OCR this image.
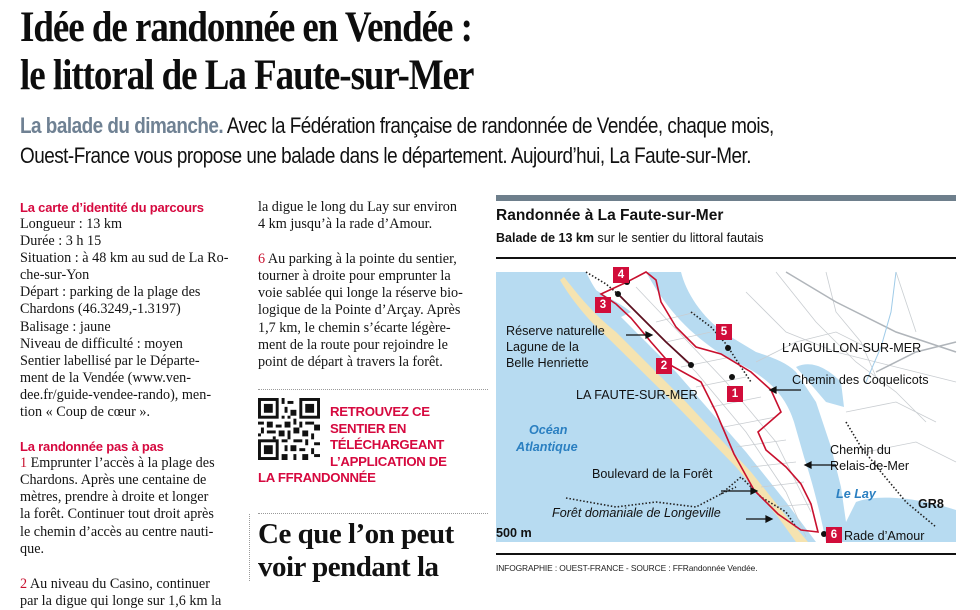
Idée de randonnée en Vendée :
le littoral de La Faute-sur-Mer
La balade du dimanche. Avec la Fédération française de randonnée de Vendée, chaque mois,
Ouest-France vous propose une balade dans le département. Aujourd’hui, La Faute-sur-Mer.
La carte d’identité du parcours

Longueur : 13 km
Durée : 3 h 15
Situation : à 48 km au sud de La Ro-
che-sur-Yon
Départ : parking de la plage des
Chardons (46.3249,-1.3197)
Balisage : jaune
Niveau de difficulté : moyen
Sentier labellisé par le Départe-
ment de la Vendée (www.ven-
dee.fr/guide-vendee-rando), men-
tion « Coup de cœur ».

La randonnée pas à pas

1 Emprunter l’accès à la plage des
Chardons. Après une centaine de
mètres, prendre à droite et longer
la forêt. Continuer tout droit après
le chemin d’accès au centre nauti-
que.

2 Au niveau du Casino, continuer
par la digue qui longe sur 1,6 km la

la digue le long du Lay sur environ
4 km jusqu’à la rade d’Amour.

6 Au parking à la pointe du sentier,
tourner à droite pour emprunter la
voie sablée qui longe la réserve bio-
logique de la Pointe d’Arçay. Après
1,7 km, le chemin s’écarte légère-
ment de la route pour rejoindre le
point de départ à travers la forêt.

RETROUVEZ CE
SENTIER EN
TÉLÉCHARGEANT
L’APPLICATION DE
LA FFRANDONNÉE
Ce que l’on peut
voir pendant la
Randonnée à La Faute-sur-Mer
Balade de 13 km sur le sentier du littoral fautais
Réserve naturelle
Lagune de la
Belle Henriette
L’AIGUILLON-SUR-MER
Chemin des Coquelicots
LA FAUTE-SUR-MER
Océan
Atlantique	Chemin du
Relais-de-Mer
Boulevard de la Forêt
Le Lay
GR8
Forêt domaniale de Longeville
500 m	Rade d’Amour
1
2
3
4
5
6
INFOGRAPHIE : OUEST-FRANCE - SOURCE : FFRandonnée Vendée.
